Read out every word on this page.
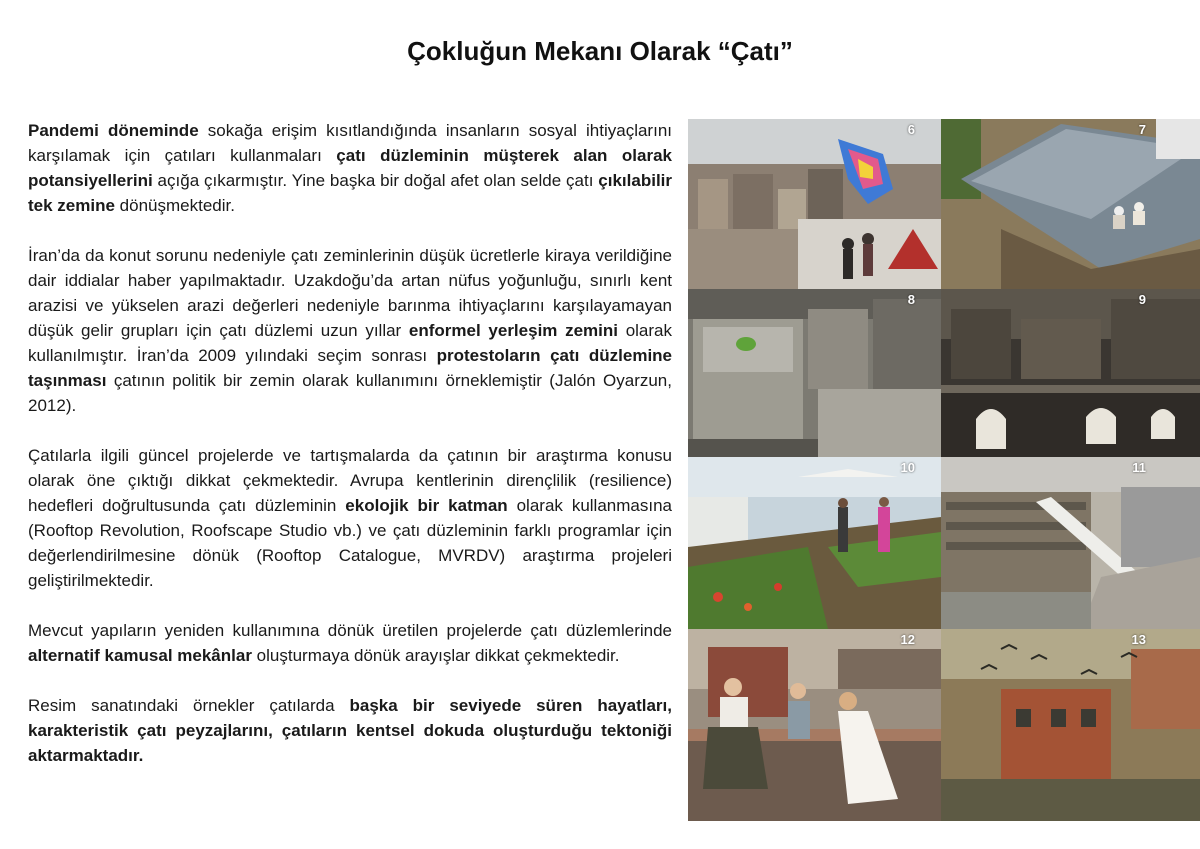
Çokluğun Mekanı Olarak “Çatı”

Pandemi döneminde sokağa erişim kısıtlandığında insanların sosyal ihtiyaçlarını karşılamak için çatıları kullanmaları çatı düzleminin müşterek alan olarak potansiyellerini açığa çıkarmıştır. Yine başka bir doğal afet olan selde çatı çıkılabilir tek zemine dönüşmektedir.

İran’da da konut sorunu nedeniyle çatı zeminlerinin düşük ücretlerle kiraya verildiğine dair iddialar haber yapılmaktadır. Uzakdoğu’da artan nüfus yoğunluğu, sınırlı kent arazisi ve yükselen arazi değerleri nedeniyle barınma ihtiyaçlarını karşılayamayan düşük gelir grupları için çatı düzlemi uzun yıllar enformel yerleşim zemini olarak kullanılmıştır. İran’da 2009 yılındaki seçim sonrası protestoların çatı düzlemine taşınması çatının politik bir zemin olarak kullanımını örneklemiştir (Jalón Oyarzun, 2012).

Çatılarla ilgili güncel projelerde ve tartışmalarda da çatının bir araştırma konusu olarak öne çıktığı dikkat çekmektedir. Avrupa kentlerinin dirençlilik (resilience) hedefleri doğrultusunda çatı düzleminin ekolojik bir katman olarak kullanmasına (Rooftop Revolution, Roofscape Studio vb.) ve çatı düzleminin farklı programlar için değerlendirilmesine dönük (Rooftop Catalogue, MVRDV) araştırma projeleri geliştirilmektedir.

Mevcut yapıların yeniden kullanımına dönük üretilen projelerde çatı düzlemlerinde alternatif kamusal mekânlar oluşturmaya dönük arayışlar dikkat çekmektedir.

Resim sanatındaki örnekler çatılarda başka bir seviyede süren hayatları, karakteristik çatı peyzajlarını, çatıların kentsel dokuda oluşturduğu tektoniği aktarmaktadır.

6	7
8	9
10	11
12	13
